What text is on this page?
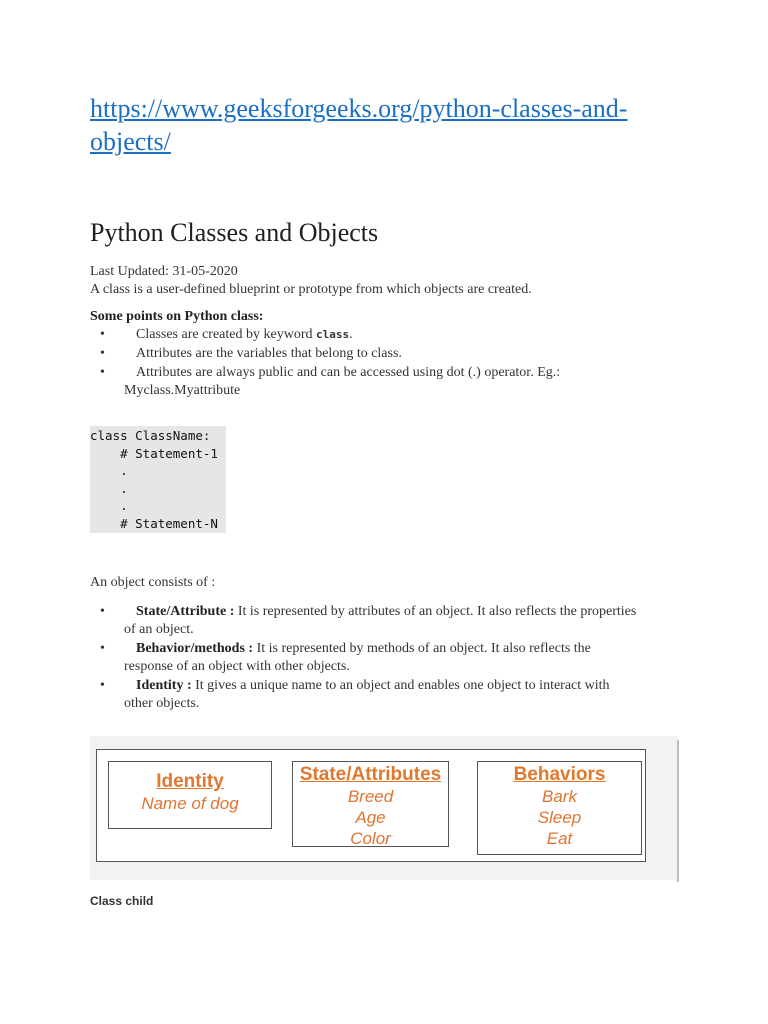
https://www.geeksforgeeks.org/python-classes-and-
objects/
Python Classes and Objects
Last Updated: 31-05-2020
A class is a user-defined blueprint or prototype from which objects are created.
Some points on Python class:
• Classes are created by keyword class.
• Attributes are the variables that belong to class.
• Attributes are always public and can be accessed using dot (.) operator. Eg.:
Myclass.Myattribute
class ClassName:
# Statement-1
.
.
.
# Statement-N
An object consists of :
• State/Attribute : It is represented by attributes of an object. It also reflects the properties
of an object.
• Behavior/methods : It is represented by methods of an object. It also reflects the
response of an object with other objects.
• Identity : It gives a unique name to an object and enables one object to interact with
other objects.
Identity
Name of dog
State/Attributes
Breed
Age
Color
Behaviors
Bark
Sleep
Eat
Class child
